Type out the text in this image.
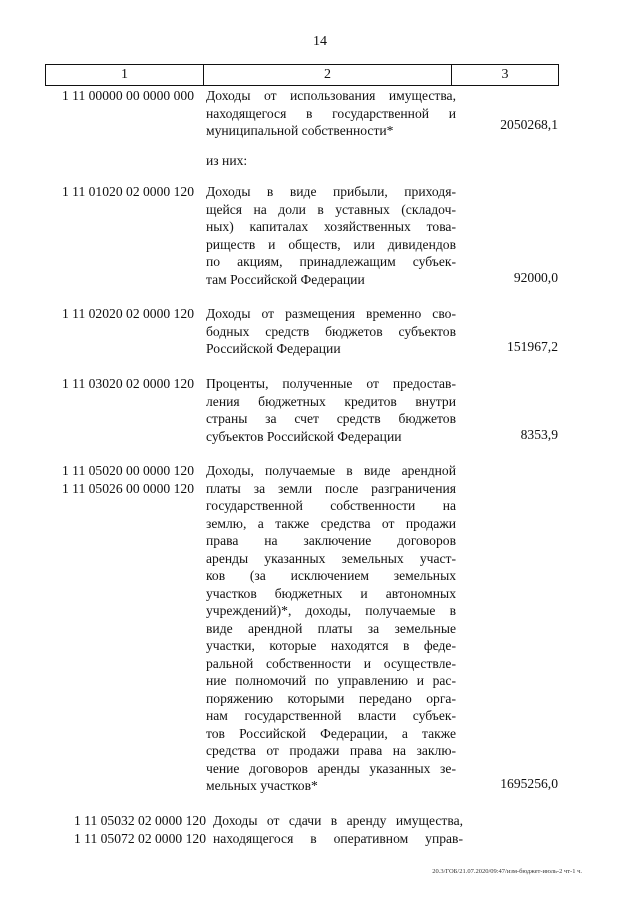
14
1	2	3
1 11 00000 00 0000 000 Доходы от использования имущества,
находящегося в государственной и
муниципальной собственности*	2050268,1
из них:
1 11 01020 02 0000 120 Доходы в виде прибыли, приходя-
щейся на доли в уставных (складоч-
ных) капиталах хозяйственных това-
риществ и обществ, или дивидендов
по акциям, принадлежащим субъек-
там Российской Федерации	92000,0
1 11 02020 02 0000 120 Доходы от размещения временно сво-
бодных средств бюджетов субъектов
Российской Федерации	151967,2
1 11 03020 02 0000 120 Проценты, полученные от предостав-
ления бюджетных кредитов внутри
страны за счет средств бюджетов
субъектов Российской Федерации	8353,9
1 11 05020 00 0000 120
1 11 05026 00 0000 120
Доходы, получаемые в виде арендной
платы за земли после разграничения
государственной собственности на
землю, а также средства от продажи
права на заключение договоров
аренды указанных земельных участ-
ков (за исключением земельных
участков бюджетных и автономных
учреждений)*, доходы, получаемые в
виде арендной платы за земельные
участки, которые находятся в феде-
ральной собственности и осуществле-
ние полномочий по управлению и рас-
поряжению которыми передано орга-
нам государственной власти субъек-
тов Российской Федерации, а также
средства от продажи права на заклю-
чение договоров аренды указанных зе-
мельных участков*	1695256,0
1 11 05032 02 0000 120
1 11 05072 02 0000 120
Доходы от сдачи в аренду имущества,
находящегося в оперативном управ-
20.3/ГОБ/21.07.2020/09:47/изм-бюджет-июль-2 чт-1 ч.
